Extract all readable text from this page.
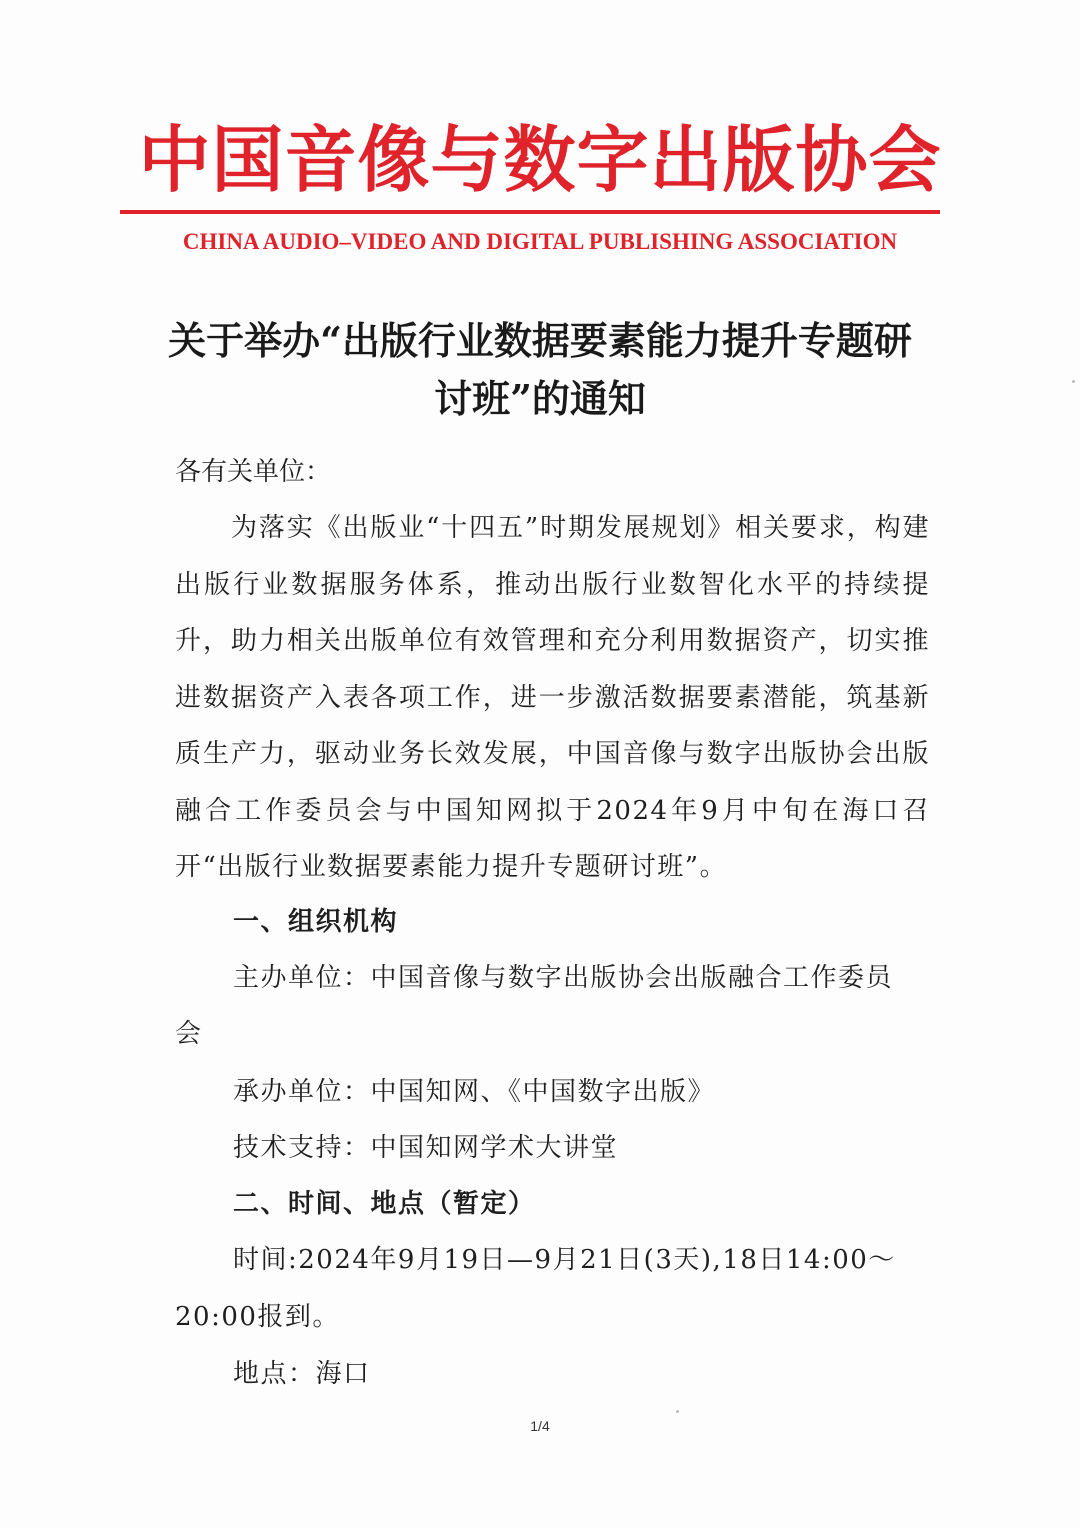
中国音像与数字出版协会
CHINA AUDIO–VIDEO AND DIGITAL PUBLISHING ASSOCIATION
关于举办“出版行业数据要素能力提升专题研讨班”的通知
各有关单位：
为落实《出版业“十四五”时期发展规划》相关要求，构建出版行业数据服务体系，推动出版行业数智化水平的持续提升，助力相关出版单位有效管理和充分利用数据资产，切实推进数据资产入表各项工作，进一步激活数据要素潜能，筑基新质生产力，驱动业务长效发展，中国音像与数字出版协会出版融合工作委员会与中国知网拟于2024年9月中旬在海口召开“出版行业数据要素能力提升专题研讨班”。
一、组织机构
主办单位：中国音像与数字出版协会出版融合工作委员
会
承办单位：中国知网、《中国数字出版》
技术支持：中国知网学术大讲堂
二、时间、地点（暂定）
时间:2024年9月19日—9月21日(3天),18日14:00～
20:00报到。
地点：海口
1/4
